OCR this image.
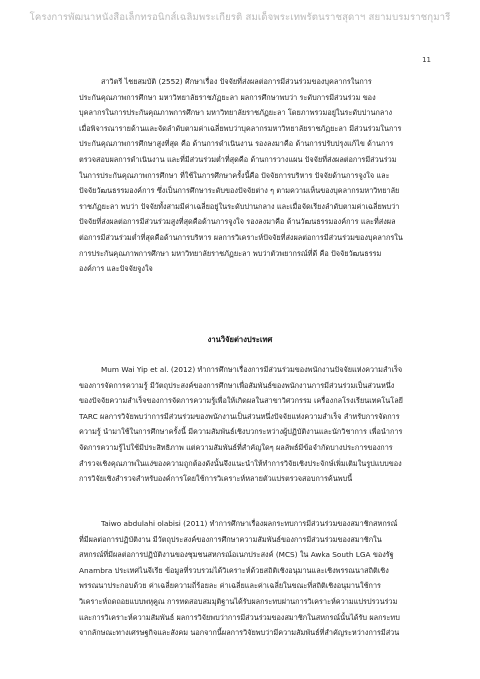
โครงการพัฒนาหนังสือเล็กทรอนิกส์เฉลิมพระเกียรติ สมเด็จพระเทพรัตนราชสุดาฯ สยามบรมราชกุมารี
11
สาวิตรี ไชยสมบัติ (2552) ศึกษาเรื่อง ปัจจัยที่ส่งผลต่อการมีส่วนร่วมของบุคลากรในการ
ประกันคุณภาพการศึกษา มหาวิทยาลัยราชภัฏยะลา ผลการศึกษาพบว่า ระดับการมีส่วนร่วม ของ
บุคลากรในการประกันคุณภาพการศึกษา มหาวิทยาลัยราชภัฏยะลา โดยภาพรวมอยู่ในระดับปานกลาง
เมื่อพิจารณารายด้านและจัดลำดับตามค่าเฉลี่ยพบว่าบุคลากรมหาวิทยาลัยราชภัฏยะลา มีส่วนร่วมในการ
ประกันคุณภาพการศึกษาสูงที่สุด คือ ด้านการดำเนินงาน รองลงมาคือ ด้านการปรับปรุงแก้ไข ด้านการ
ตรวจสอบผลการดำเนินงาน และที่มีส่วนร่วมต่ำที่สุดคือ ด้านการวางแผน ปัจจัยที่ส่งผลต่อการมีส่วนร่วม
ในการประกันคุณภาพการศึกษา ที่ใช้ในการศึกษาครั้งนี้คือ ปัจจัยการบริหาร ปัจจัยด้านการจูงใจ และ
ปัจจัยวัฒนธรรมองค์การ ซึ่งเป็นการศึกษาระดับของปัจจัยต่าง ๆ ตามความเห็นของบุคลากรมหาวิทยาลัย
ราชภัฏยะลา พบว่า ปัจจัยทั้งสามมีค่าเฉลี่ยอยู่ในระดับปานกลาง และเมื่อจัดเรียงลำดับตามค่าเฉลี่ยพบว่า
ปัจจัยที่ส่งผลต่อการมีส่วนร่วมสูงที่สุดคือด้านการจูงใจ รองลงมาคือ ด้านวัฒนธรรมองค์การ และที่ส่งผล
ต่อการมีส่วนร่วมต่ำที่สุดคือด้านการบริหาร ผลการวิเคราะห์ปัจจัยที่ส่งผลต่อการมีส่วนร่วมของบุคลากรใน
การประกันคุณภาพการศึกษา มหาวิทยาลัยราชภัฏยะลา พบว่าตัวพยากรณ์ที่ดี คือ ปัจจัยวัฒนธรรม
องค์การ และปัจจัยจูงใจ
งานวิจัยต่างประเทศ
Mum Wai Yip et al. (2012) ทำการศึกษาเรื่องการมีส่วนร่วมของพนักงานปัจจัยแห่งความสำเร็จ
ของการจัดการความรู้ มีวัตถุประสงค์ของการศึกษาเพื่อสัมพันธ์ของพนักงานการมีส่วนร่วมเป็นส่วนหนึ่ง
ของปัจจัยความสำเร็จของการจัดการความรู้เพื่อให้เกิดผลในสาขาวิศวกรรม เครื่องกลโรงเรียนเทคโนโลยี
TARC ผลการวิจัยพบว่าการมีส่วนร่วมของพนักงานเป็นส่วนหนึ่งปัจจัยแห่งความสำเร็จ สำหรับการจัดการ
ความรู้ นำมาใช้ในการศึกษาครั้งนี้ มีความสัมพันธ์เชิงบวกระหว่างผู้ปฏิบัติงานและนักวิชาการ เพื่อนำการ
จัดการความรู้ไปใช้มีประสิทธิภาพ แต่ความสัมพันธ์ที่สำคัญใดๆ ผลลัพธ์มีข้อจำกัดบางประการของการ
สำรวจเชิงคุณภาพในแง่ของความถูกต้องดังนั้นจึงแนะนำให้ทำการวิจัยเชิงประจักษ์เพิ่มเติมในรูปแบบของ
การวิจัยเชิงสำรวจสำหรับองค์การโดยใช้การวิเคราะห์หลายตัวแปรตรวจสอบการค้นพบนี้
Taiwo abdulahi olabisi (2011) ทำการศึกษาเรื่องผลกระทบการมีส่วนร่วมของสมาชิกสหกรณ์
ที่มีผลต่อการปฏิบัติงาน มีวัตถุประสงค์ของการศึกษาความสัมพันธ์ของการมีส่วนร่วมของสมาชิกใน
สหกรณ์ที่มีผลต่อการปฏิบัติงานของชุมชนสหกรณ์อเนกประสงค์ (MCS) ใน Awka South LGA ของรัฐ
Anambra ประเทศไนจีเรีย ข้อมูลที่รวบรวมได้วิเคราะห์ด้วยสถิติเชิงอนุมานและเชิงพรรณนาสถิติเชิง
พรรณนาประกอบด้วย ค่าเฉลี่ยความถี่ร้อยละ ค่าเฉลี่ยและค่าเฉลี่ยในขณะที่สถิติเชิงอนุมานใช้การ
วิเคราะห์ถดถอยแบบพหุคูณ การทดสอบสมมุติฐานได้รับผลกระทบผ่านการวิเคราะห์ความแปรปรวนร่วม
และการวิเคราะห์ความสัมพันธ์ ผลการวิจัยพบว่าการมีส่วนร่วมของสมาชิกในสหกรณ์นั้นได้รับ ผลกระทบ
จากลักษณะทางเศรษฐกิจและสังคม นอกจากนี้ผลการวิจัยพบว่ามีความสัมพันธ์ที่สำคัญระหว่างการมีส่วน
